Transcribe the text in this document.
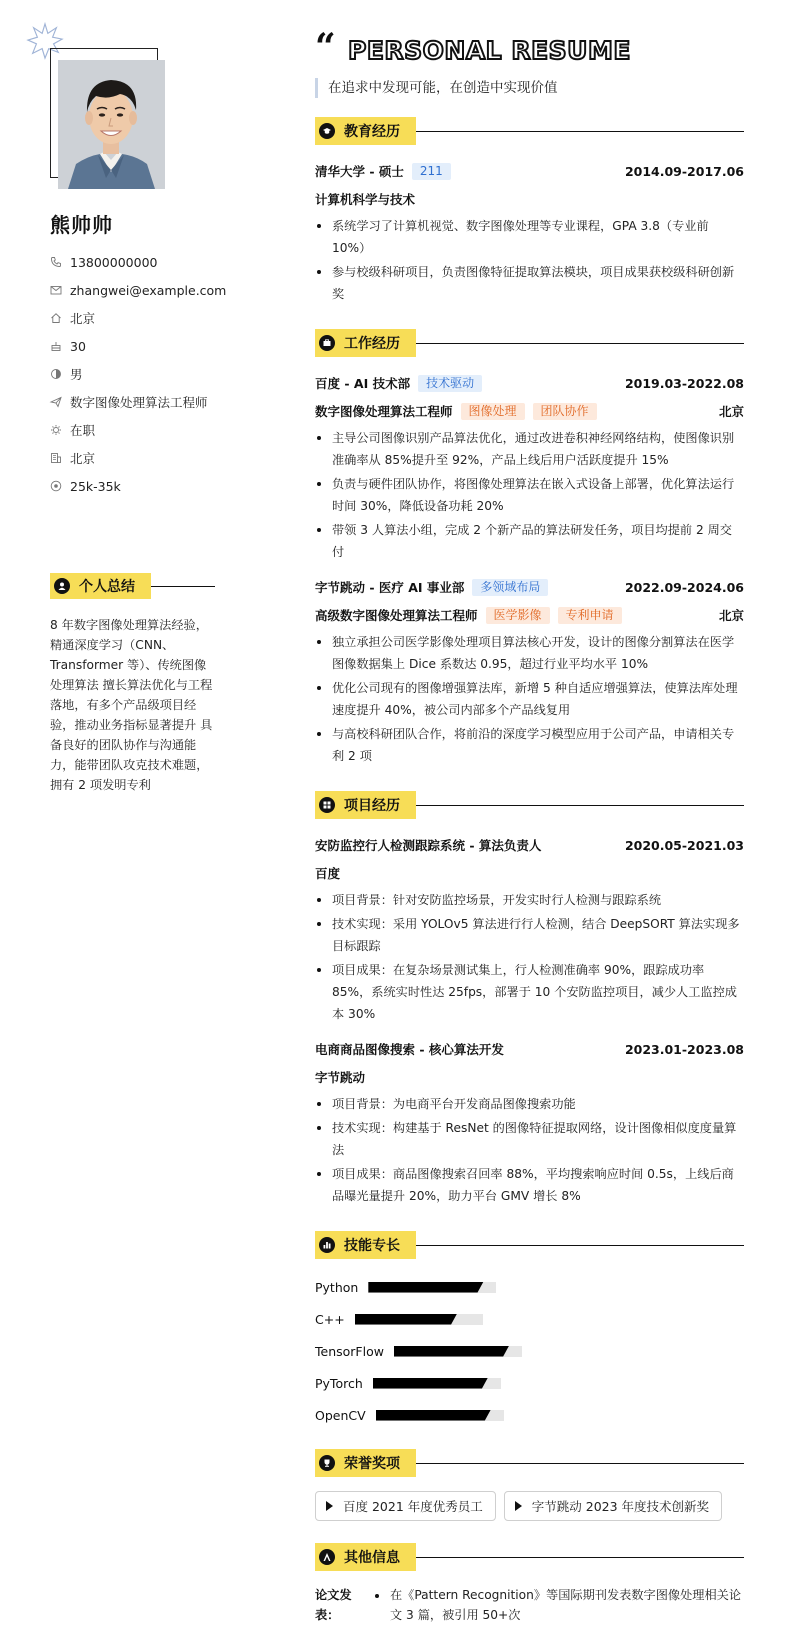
熊帅帅
13800000000
zhangwei@example.com
北京
30
男
数字图像处理算法工程师
在职
北京
25k-35k
个人总结
8 年数字图像处理算法经验，精通深度学习（CNN、Transformer 等）、传统图像处理算法 擅长算法优化与工程落地，有多个产品级项目经验，推动业务指标显著提升 具备良好的团队协作与沟通能力，能带团队攻克技术难题，拥有 2 项发明专利
“ PERSONAL RESUME
在追求中发现可能，在创造中实现价值
教育经历
清华大学 - 硕士	211	2014.09-2017.06
计算机科学与技术
系统学习了计算机视觉、数字图像处理等专业课程，GPA 3.8（专业前 10%）
参与校级科研项目，负责图像特征提取算法模块，项目成果获校级科研创新奖
工作经历
百度 - AI 技术部	技术驱动	2019.03-2022.08
数字图像处理算法工程师	图像处理	团队协作	北京
主导公司图像识别产品算法优化，通过改进卷积神经网络结构，使图像识别准确率从 85%提升至 92%，产品上线后用户活跃度提升 15%
负责与硬件团队协作，将图像处理算法在嵌入式设备上部署，优化算法运行时间 30%，降低设备功耗 20%
带领 3 人算法小组，完成 2 个新产品的算法研发任务，项目均提前 2 周交付
字节跳动 - 医疗 AI 事业部	多领域布局	2022.09-2024.06
高级数字图像处理算法工程师	医学影像	专利申请	北京
独立承担公司医学影像处理项目算法核心开发，设计的图像分割算法在医学图像数据集上 Dice 系数达 0.95，超过行业平均水平 10%
优化公司现有的图像增强算法库，新增 5 种自适应增强算法，使算法库处理速度提升 40%，被公司内部多个产品线复用
与高校科研团队合作，将前沿的深度学习模型应用于公司产品，申请相关专利 2 项
项目经历
安防监控行人检测跟踪系统 - 算法负责人	2020.05-2021.03
百度
项目背景：针对安防监控场景，开发实时行人检测与跟踪系统
技术实现：采用 YOLOv5 算法进行行人检测，结合 DeepSORT 算法实现多目标跟踪
项目成果：在复杂场景测试集上，行人检测准确率 90%，跟踪成功率 85%，系统实时性达 25fps，部署于 10 个安防监控项目，减少人工监控成本 30%
电商商品图像搜索 - 核心算法开发	2023.01-2023.08
字节跳动
项目背景：为电商平台开发商品图像搜索功能
技术实现：构建基于 ResNet 的图像特征提取网络，设计图像相似度度量算法
项目成果：商品图像搜索召回率 88%，平均搜索响应时间 0.5s，上线后商品曝光量提升 20%，助力平台 GMV 增长 8%
技能专长
Python
C++
TensorFlow
PyTorch
OpenCV
荣誉奖项
百度 2021 年度优秀员工	字节跳动 2023 年度技术创新奖
其他信息
论文发表：
在《Pattern Recognition》等国际期刊发表数字图像处理相关论文 3 篇，被引用 50+次
